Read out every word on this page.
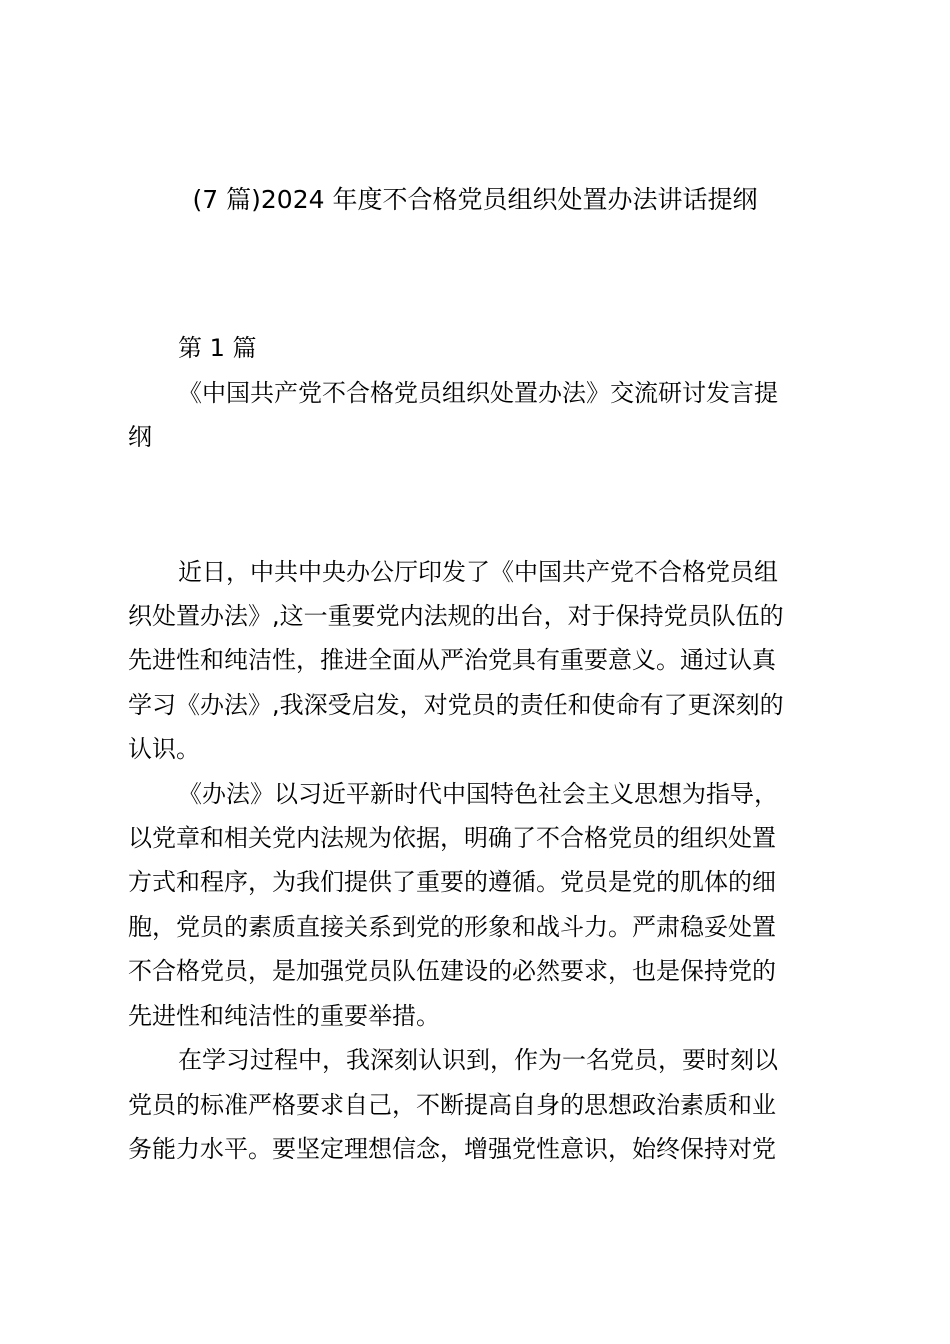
(7 篇)2024 年度不合格党员组织处置办法讲话提纲
第 1 篇
《中国共产党不合格党员组织处置办法》交流研讨发言提
纲
近日，中共中央办公厅印发了《中国共产党不合格党员组
织处置办法》,这一重要党内法规的出台，对于保持党员队伍的
先进性和纯洁性，推进全面从严治党具有重要意义。通过认真
学习《办法》,我深受启发，对党员的责任和使命有了更深刻的
认识。
《办法》以习近平新时代中国特色社会主义思想为指导，
以党章和相关党内法规为依据，明确了不合格党员的组织处置
方式和程序，为我们提供了重要的遵循。党员是党的肌体的细
胞，党员的素质直接关系到党的形象和战斗力。严肃稳妥处置
不合格党员，是加强党员队伍建设的必然要求，也是保持党的
先进性和纯洁性的重要举措。
在学习过程中，我深刻认识到，作为一名党员，要时刻以
党员的标准严格要求自己，不断提高自身的思想政治素质和业
务能力水平。要坚定理想信念，增强党性意识，始终保持对党
